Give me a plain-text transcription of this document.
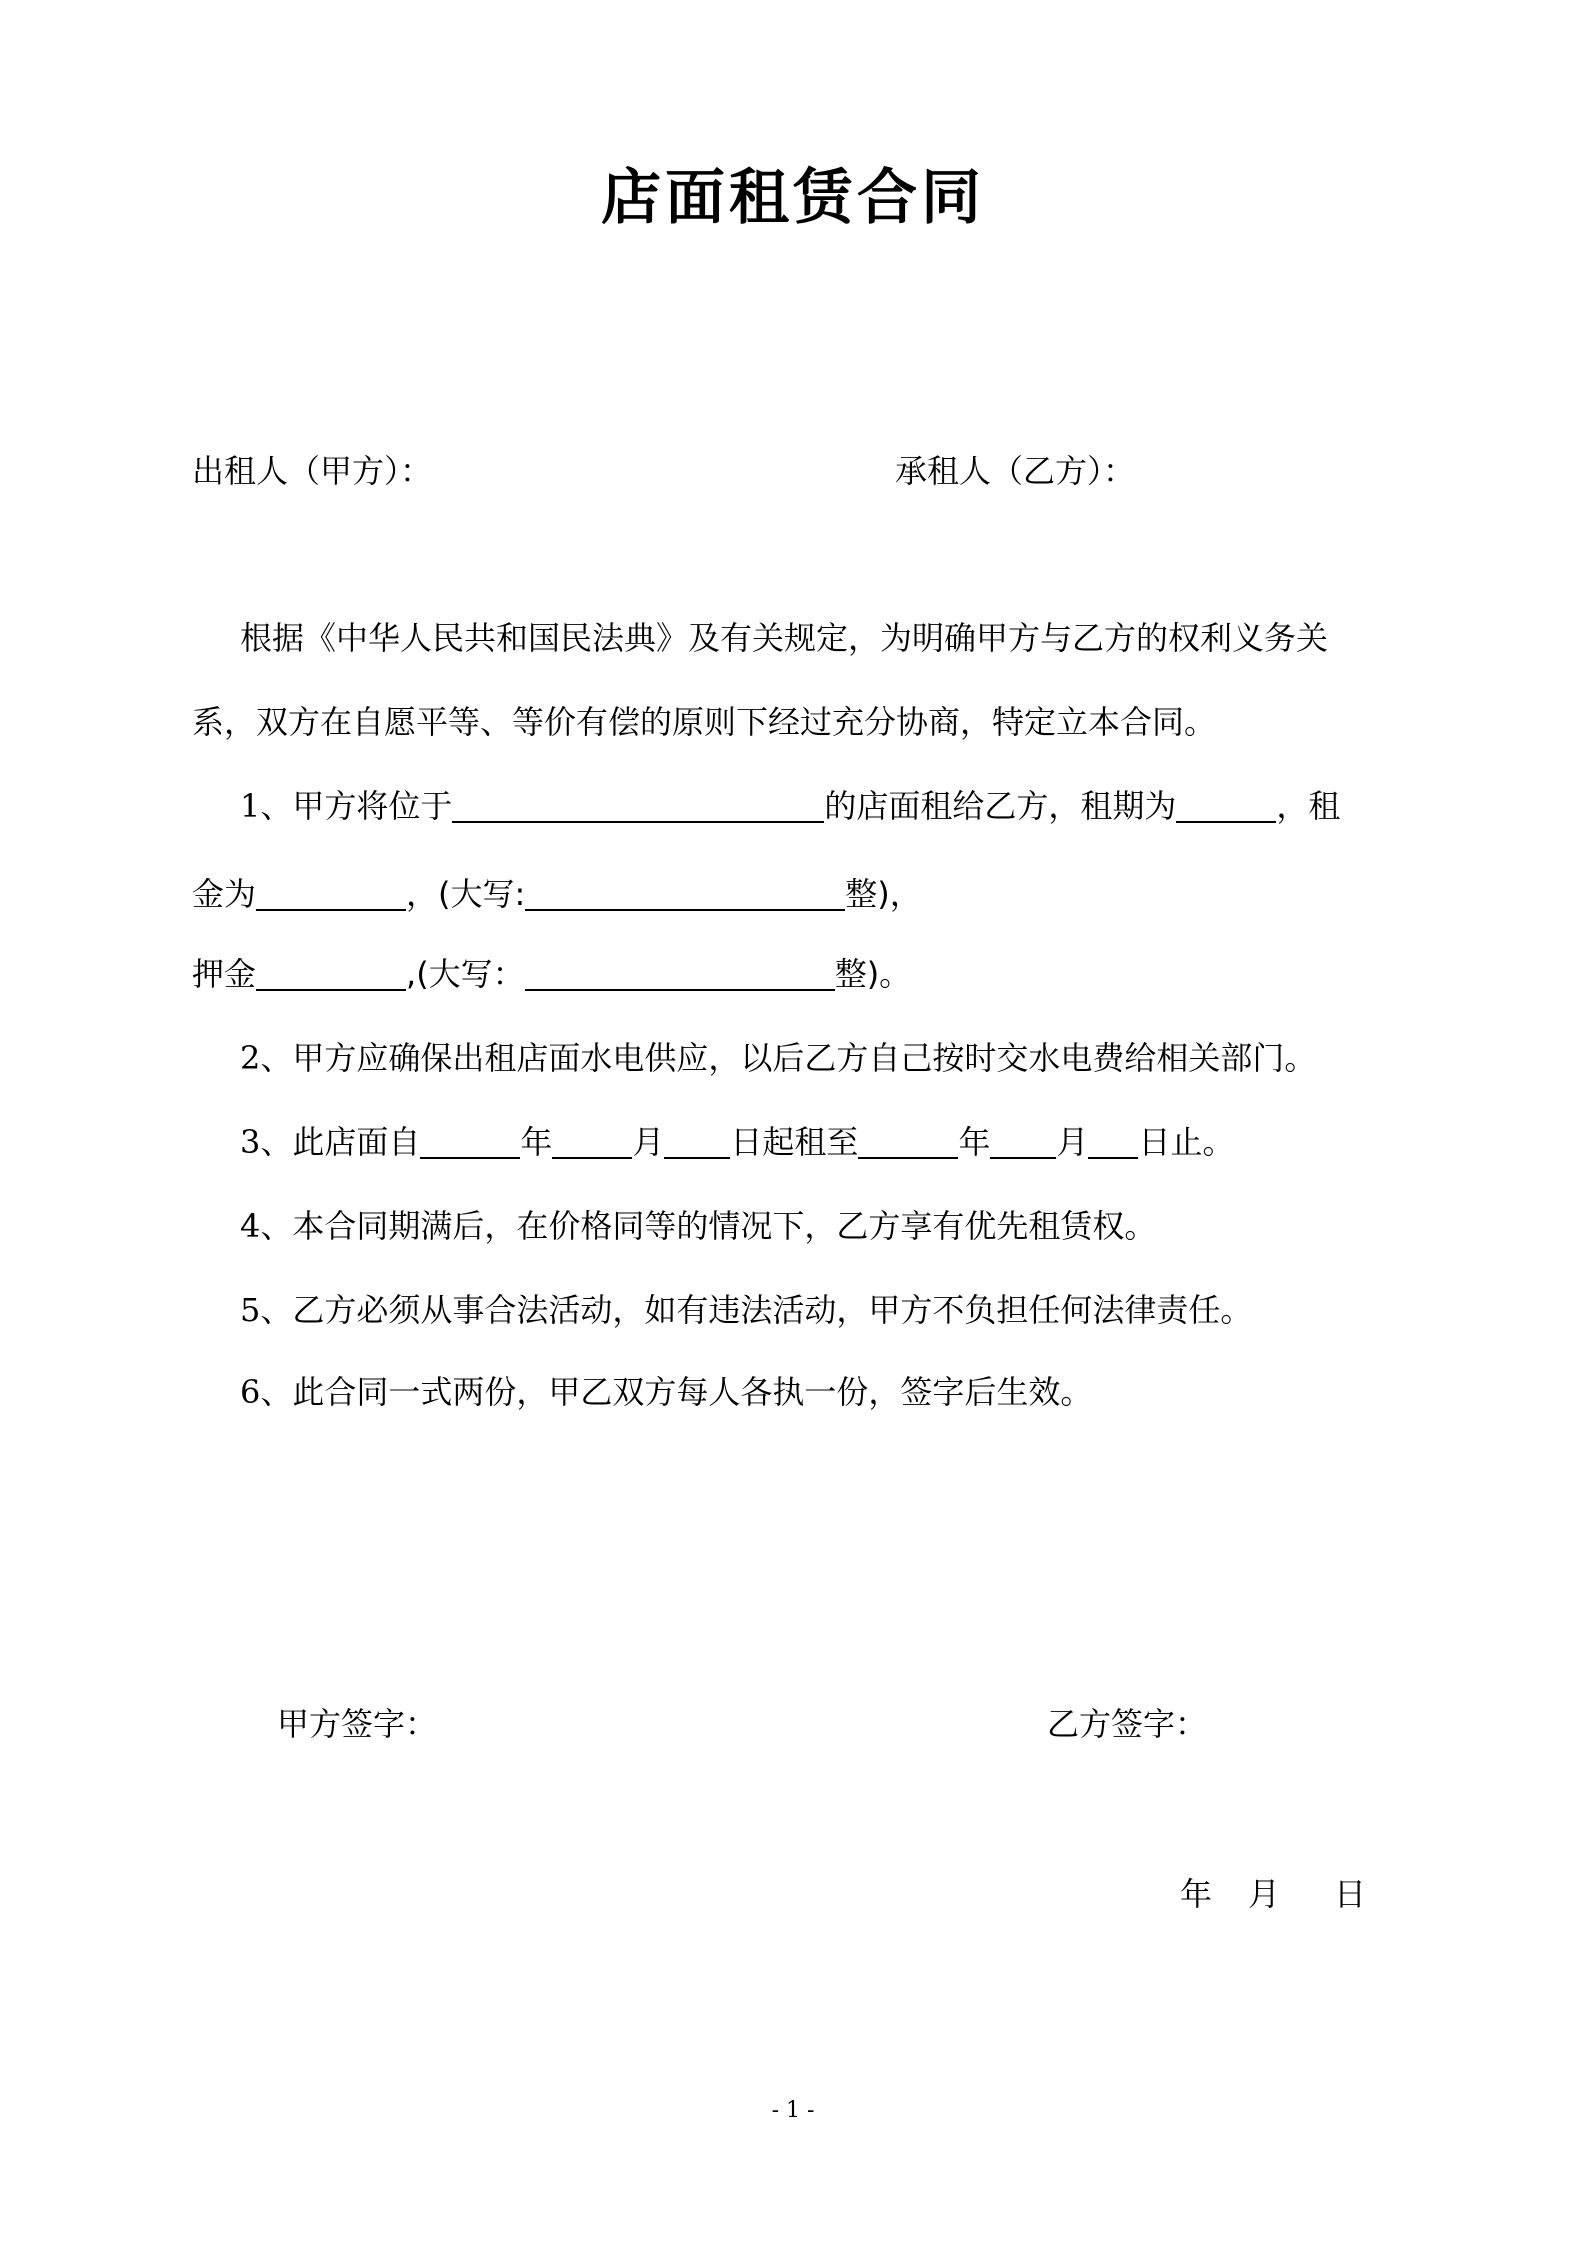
店面租赁合同
出租人（甲方）：	承租人（乙方）：
根据《中华人民共和国民法典》及有关规定，为明确甲方与乙方的权利义务关
系，双方在自愿平等、等价有偿的原则下经过充分协商，特定立本合同。
1、甲方将位于	的店面租给乙方，租期为	，租
金为	，(大写:	整)，
押金	,(大写：	整)。
2、甲方应确保出租店面水电供应，以后乙方自己按时交水电费给相关部门。
3、此店面自	年	月 日起租至	年 月 日止。
4、本合同期满后，在价格同等的情况下，乙方享有优先租赁权。
5、乙方必须从事合法活动，如有违法活动，甲方不负担任何法律责任。
6、此合同一式两份，甲乙双方每人各执一份，签字后生效。
甲方签字：	乙方签字：
年 月 日
- 1 -
